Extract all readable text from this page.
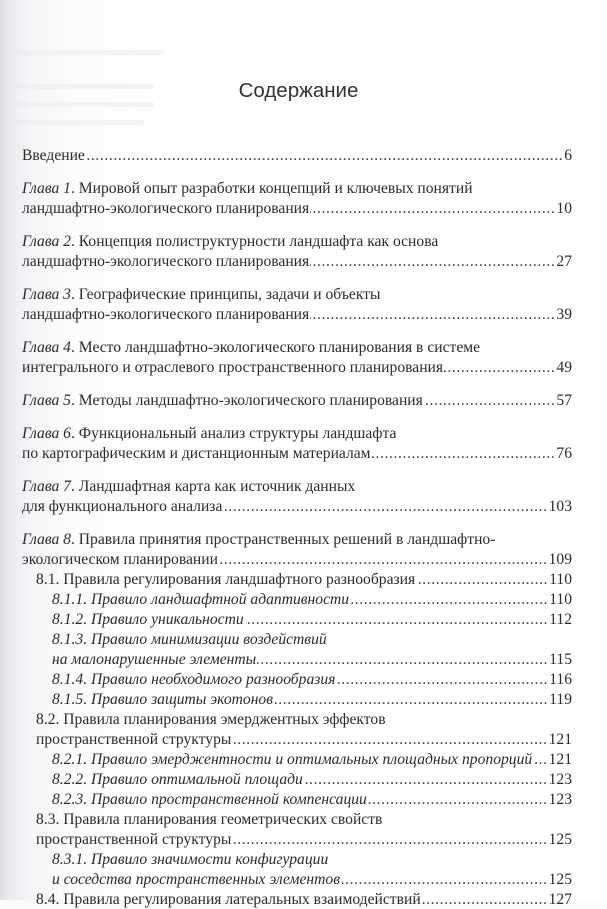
Содержание
Введение .....	6
Глава 1. Мировой опыт разработки концепций и ключевых понятий
ландшафтно-экологического планирования .....	10
Глава 2. Концепция полиструктурности ландшафта как основа
ландшафтно-экологического планирования .....	27
Глава 3. Географические принципы, задачи и объекты
ландшафтно-экологического планирования .....	39
Глава 4. Место ландшафтно-экологического планирования в системе
интегрального и отраслевого пространственного планирования .....	49
Глава 5. Методы ландшафтно-экологического планирования .....	57
Глава 6. Функциональный анализ структуры ландшафта
по картографическим и дистанционным материалам .....	76
Глава 7. Ландшафтная карта как источник данных
для функционального анализа .....	103
Глава 8. Правила принятия пространственных решений в ландшафтно-
экологическом планировании .....	109
8.1. Правила регулирования ландшафтного разнообразия .....	110
8.1.1. Правило ландшафтной адаптивности .....	110
8.1.2. Правило уникальности .....	112
8.1.3. Правило минимизации воздействий
на малонарушенные элементы .....	115
8.1.4. Правило необходимого разнообразия .....	116
8.1.5. Правило защиты экотонов .....	119
8.2. Правила планирования эмерджентных эффектов
пространственной структуры .....	121
8.2.1. Правило эмерджентности и оптимальных площадных пропорций ..... 121
8.2.2. Правило оптимальной площади .....	123
8.2.3. Правило пространственной компенсации .....	123
8.3. Правила планирования геометрических свойств
пространственной структуры .....	125
8.3.1. Правило значимости конфигурации
и соседства пространственных элементов .....	125
8.4. Правила регулирования латеральных взаимодействий .....	127
